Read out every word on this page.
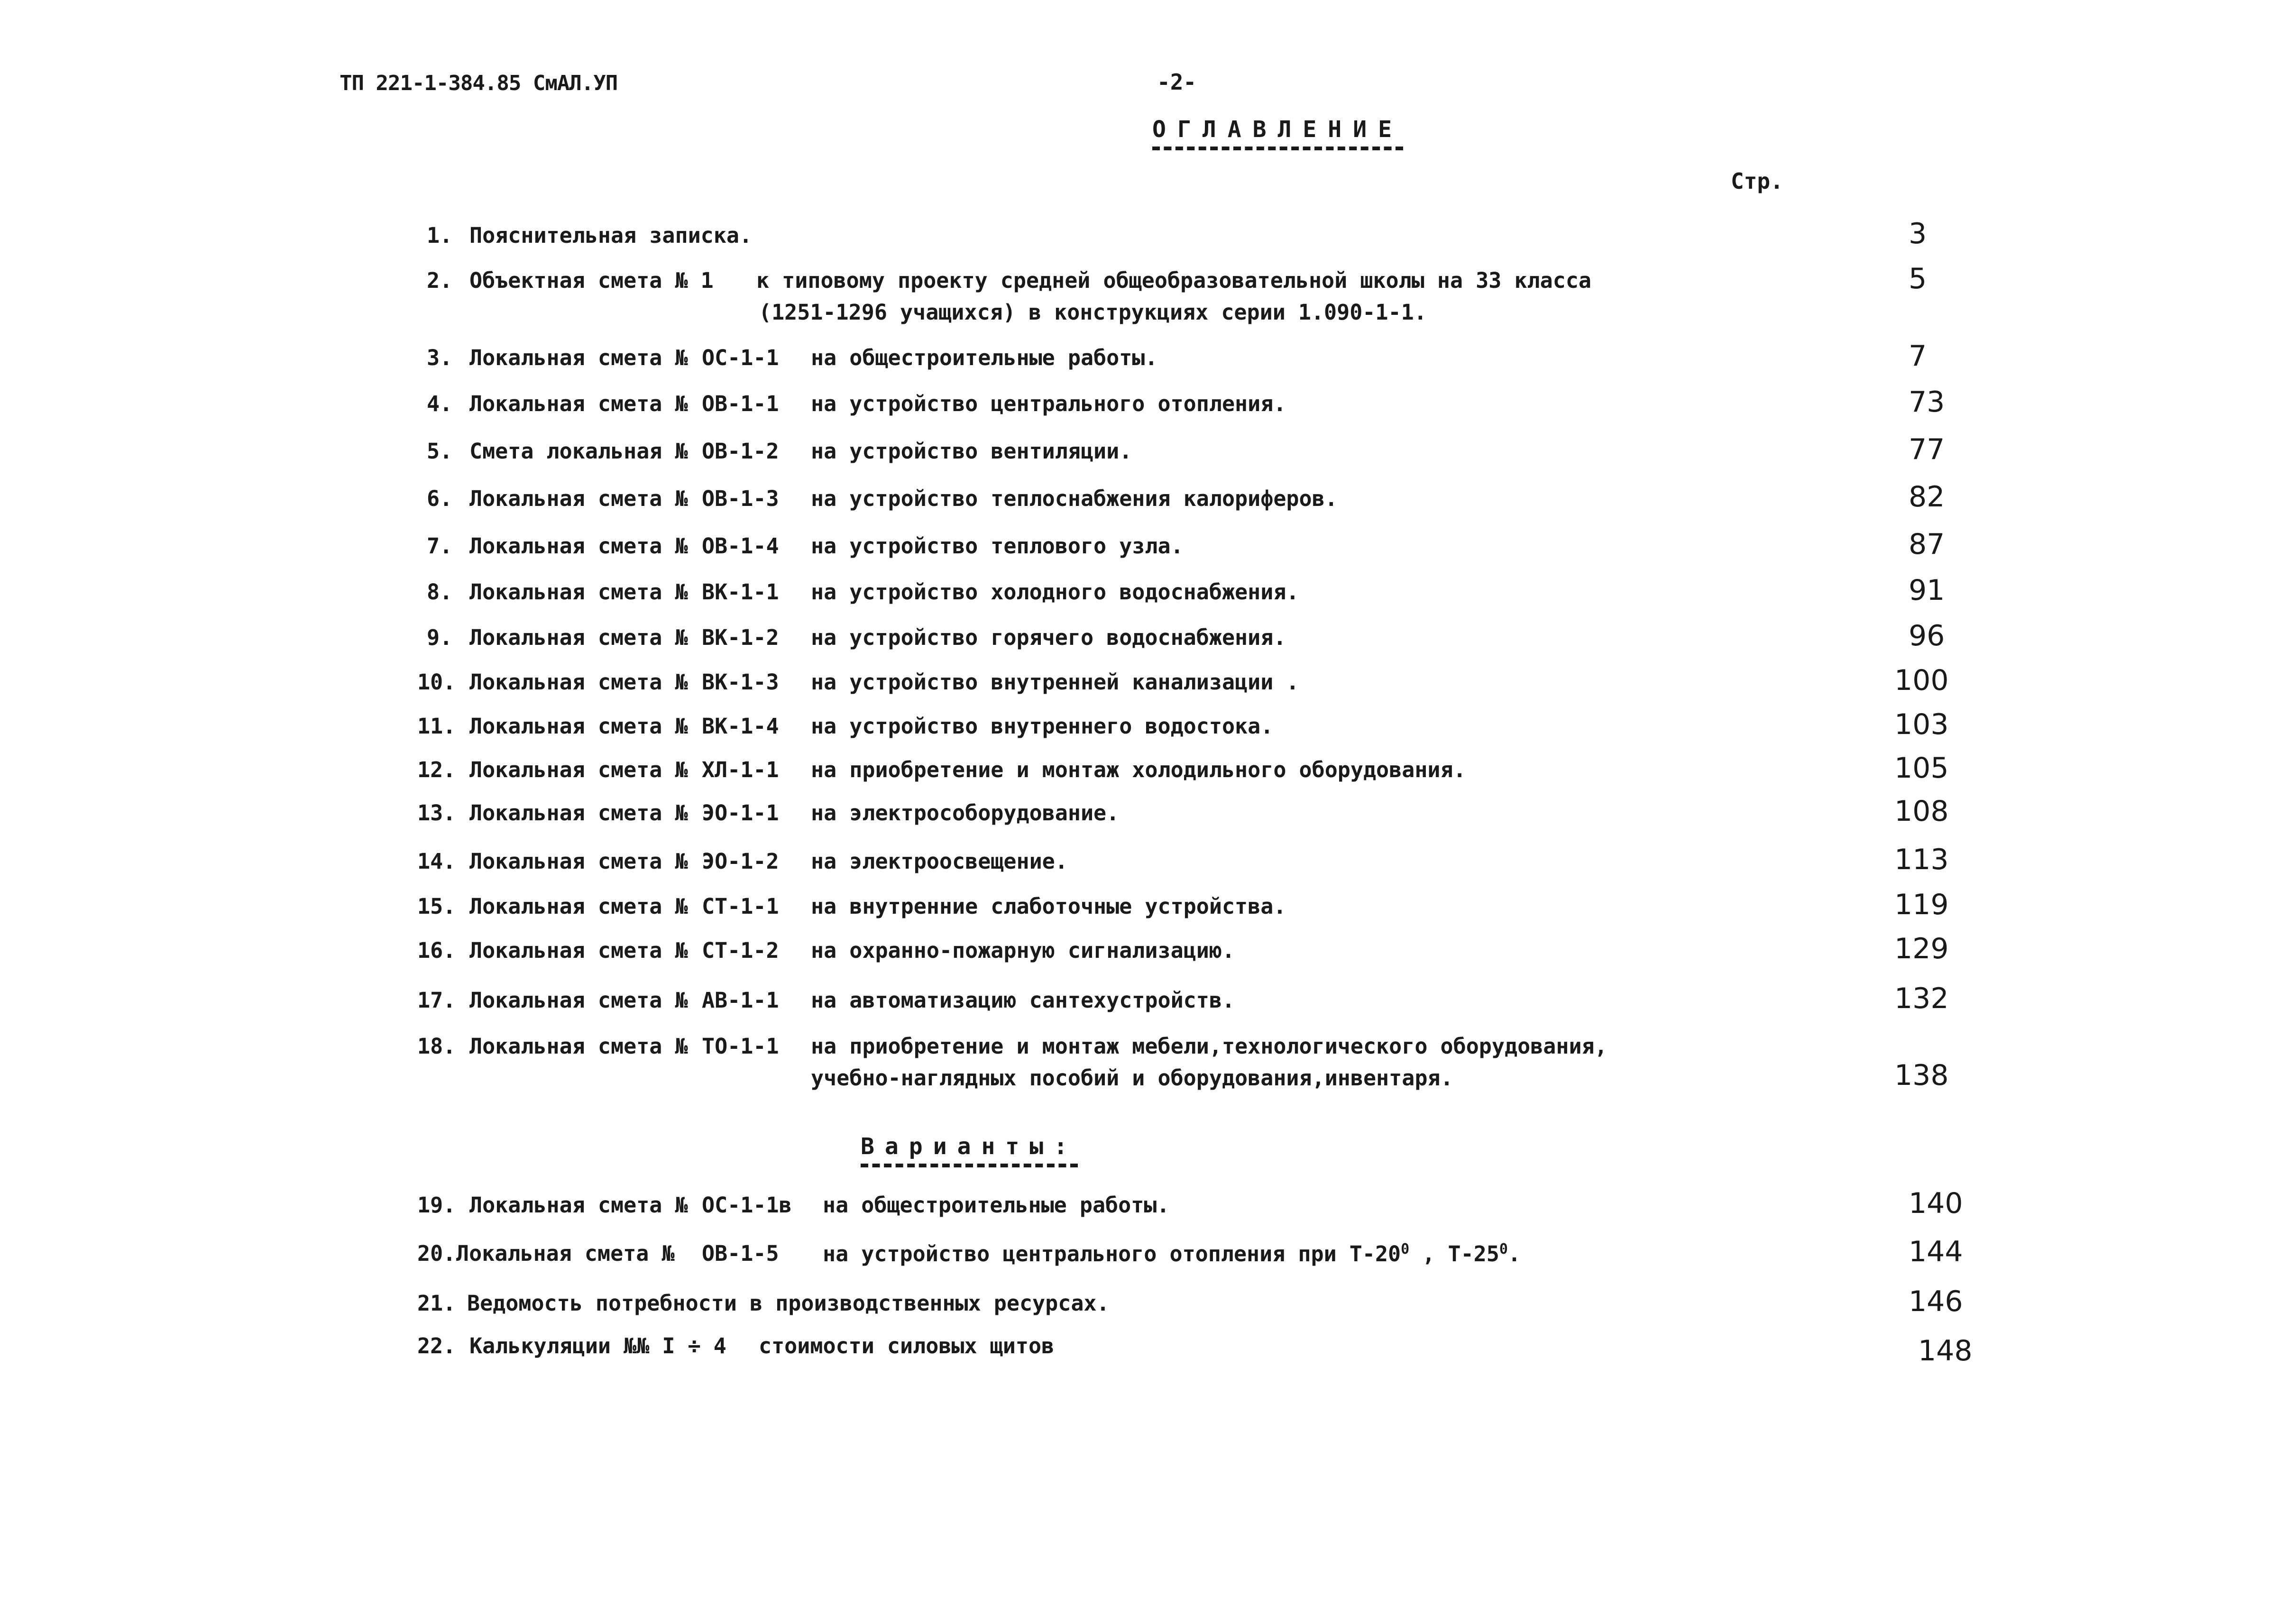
ТП 221-1-384.85 СмАЛ.УП	-2-
ОГЛАВЛЕНИЕ
Стр.
1. Пояснительная записка.	3
2. Объектная смета № 1 к типовому проекту средней общеобразовательной школы на 33 класса	5
(1251-1296 учащихся) в конструкциях серии 1.090-1-1.
3. Локальная смета № ОС-1-1 на общестроительные работы.	7
4. Локальная смета № ОВ-1-1 на устройство центрального отопления.	73
5. Смета локальная № ОВ-1-2 на устройство вентиляции.	77
6. Локальная смета № ОВ-1-3 на устройство теплоснабжения калориферов.	82
7. Локальная смета № ОВ-1-4 на устройство теплового узла.	87
8. Локальная смета № ВК-1-1 на устройство холодного водоснабжения.	91
9. Локальная смета № ВК-1-2 на устройство горячего водоснабжения.	96
10. Локальная смета № ВК-1-3 на устройство внутренней канализации .	100
11. Локальная смета № ВК-1-4 на устройство внутреннего водостока.	103
12. Локальная смета № ХЛ-1-1 на приобретение и монтаж холодильного оборудования.	105
13. Локальная смета № ЭО-1-1 на электрособорудование.	108
14. Локальная смета № ЭО-1-2 на электроосвещение.	113
15. Локальная смета № СТ-1-1 на внутренние слаботочные устройства.	119
16. Локальная смета № СТ-1-2 на охранно-пожарную сигнализацию.	129
17. Локальная смета № АВ-1-1 на автоматизацию сантехустройств.	132
18. Локальная смета № ТО-1-1 на приобретение и монтаж мебели,технологического оборудования,
учебно-наглядных пособий и оборудования,инвентаря.	138
Варианты:
19. Локальная смета № ОС-1-1в на общестроительные работы.	140
20. Локальная смета № ОВ-1-5 на устройство центрального отопления при $Т-20^0$ , $Т-25^0$.	144
21. Ведомость потребности в производственных ресурсах.	146
22. Калькуляции №№ I ÷ 4 стоимости силовых щитов	148
